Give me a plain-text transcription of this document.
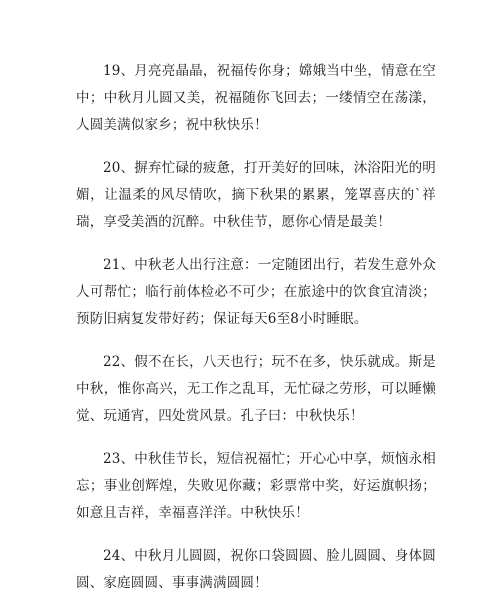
19、月亮亮晶晶，祝福传你身；嫦娥当中坐，情意在空中；中秋月儿圆又美，祝福随你飞回去；一缕情空在荡漾，人圆美满似家乡；祝中秋快乐！

20、摒弃忙碌的疲惫，打开美好的回味，沐浴阳光的明媚，让温柔的风尽情吹，摘下秋果的累累，笼罩喜庆的`祥瑞，享受美酒的沉醉。中秋佳节，愿你心情是最美！

21、中秋老人出行注意：一定随团出行，若发生意外众人可帮忙；临行前体检必不可少；在旅途中的饮食宜清淡；预防旧病复发带好药；保证每天6至8小时睡眠。

22、假不在长，八天也行；玩不在多，快乐就成。斯是中秋，惟你高兴，无工作之乱耳，无忙碌之劳形，可以睡懒觉、玩通宵，四处赏风景。孔子曰：中秋快乐！

23、中秋佳节长，短信祝福忙；开心心中享，烦恼永相忘；事业创辉煌，失败见你藏；彩票常中奖，好运旗帜扬；如意且吉祥，幸福喜洋洋。中秋快乐！

24、中秋月儿圆圆，祝你口袋圆圆、脸儿圆圆、身体圆圆、家庭圆圆、事事满满圆圆！
